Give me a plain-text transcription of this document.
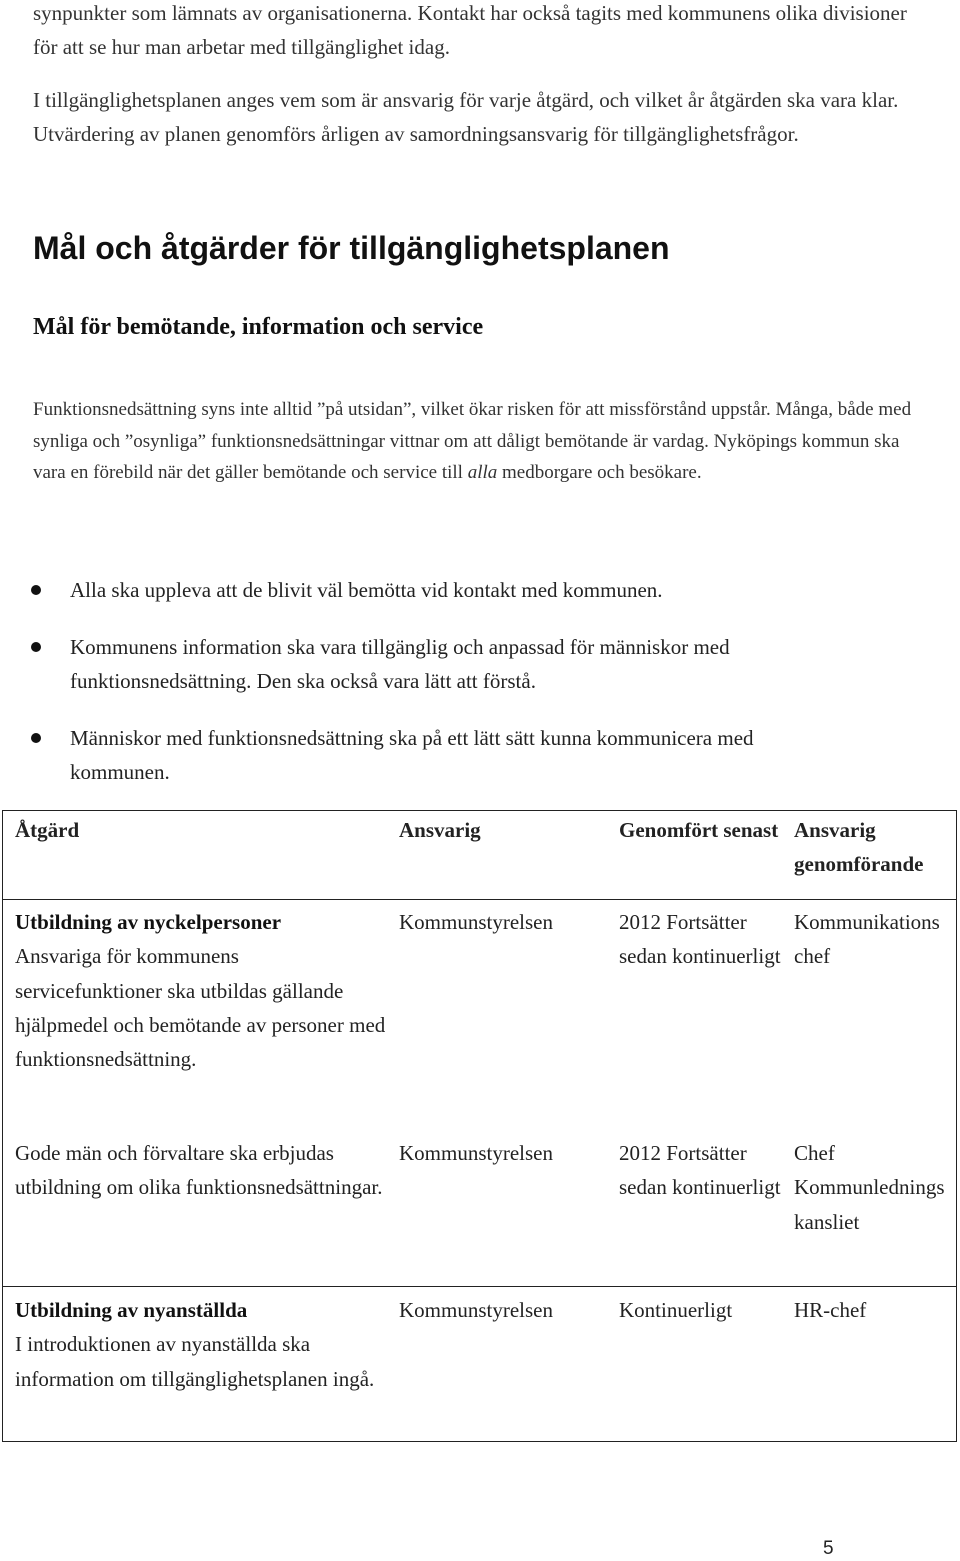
synpunkter som lämnats av organisationerna. Kontakt har också tagits med kommunens olika divisioner för att se hur man arbetar med tillgänglighet idag.

I tillgänglighetsplanen anges vem som är ansvarig för varje åtgärd, och vilket år åtgärden ska vara klar. Utvärdering av planen genomförs årligen av samordningsansvarig för tillgänglighetsfrågor.

Mål och åtgärder för tillgänglighetsplanen
Mål för bemötande, information och service

Funktionsnedsättning syns inte alltid ”på utsidan”, vilket ökar risken för att missförstånd uppstår. Många, både med synliga och ”osynliga” funktionsnedsättningar vittnar om att dåligt bemötande är vardag. Nyköpings kommun ska vara en förebild när det gäller bemötande och service till alla medborgare och besökare.

Alla ska uppleva att de blivit väl bemötta vid kontakt med kommunen.
Kommunens information ska vara tillgänglig och anpassad för människor med funktionsnedsättning. Den ska också vara lätt att förstå.
Människor med funktionsnedsättning ska på ett lätt sätt kunna kommunicera med kommunen.
Åtgärd	Ansvarig	Genomfört senast	Ansvarig genomförande

Utbildning av nyckelpersoner
Ansvariga för kommunens servicefunktioner ska utbildas gällande hjälpmedel och bemötande av personer med funktionsnedsättning.	Kommunstyrelsen	2012 Fortsätter sedan kontinuerligt	Kommunikations chef

Gode män och förvaltare ska erbjudas utbildning om olika funktionsnedsättningar.	Kommunstyrelsen	2012 Fortsätter sedan kontinuerligt	Chef Kommunlednings kansliet

Utbildning av nyanställda
I introduktionen av nyanställda ska information om tillgänglighetsplanen ingå.	Kommunstyrelsen	Kontinuerligt	HR-chef
5
